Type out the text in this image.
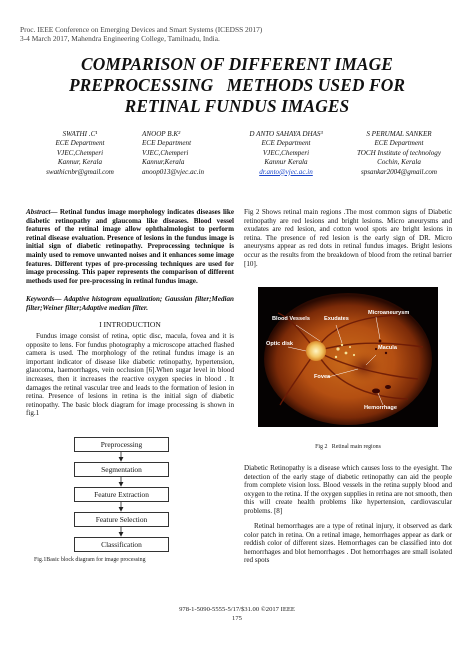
Proc. IEEE Conference on Emerging Devices and Smart Systems (ICEDSS 2017)
3-4 March 2017, Mahendra Engineering College, Tamilnadu, India.
COMPARISON OF DIFFERENT IMAGE
PREPROCESSING   METHODS USED FOR
RETINAL FUNDUS IMAGES
SWATHI .C¹
ECE Department
VJEC,Chemperi
Kannur, Kerala
swathicnbr@gmail.com
ANOOP B.K²
ECE Department
VJEC,Chemperi
Kannur,Kerala
anoop013@vjec.ac.in
D ANTO SAHAYA DHAS³
ECE Department
VJEC,Chemperi
Kannur Kerala
dr.anto@vjec.ac.in
S PERUMAL SANKER
ECE Department
TOCH Institute of technology
Cochin, Kerala
spsankar2004@gmail.com
Abstract— Retinal fundus image morphology indicates diseases like diabetic retinopathy and glaucoma like diseases. Blood vessel features of the retinal image allow ophthalmologist to perform retinal disease evaluation. Presence of lesions in the fundus image is initial sign of diabetic retinopathy. Preprocessing technique is mainly used to remove unwanted noises and it enhances some image features. Different types of pre-processing techniques are used for image processing. This paper represents the comparison of different methods used for pre-processing in retinal fundus image.
Keywords— Adaptive histogram equalization; Gaussian filter;Median filter;Weiner filter;Adaptive median filter.
I INTRODUCTION
Fundus image consist of retina, optic disc, macula, fovea and it is opposite to lens. For fundus photography a microscope attached flashed camera is used. The morphology of the retinal fundus image is an important indicator of disease like diabetic retinopathy, hypertension, glaucoma, haemorrhages, vein occlusion [6].When sugar level in blood increases, then it increases the reactive oxygen species in blood . It damages the retinal vascular tree and leads to the formation of lesion in retina. Presence of lesions in retina is the initial sign of diabetic retinopathy. The basic block diagram for image processing is shown in fig.1
Preprocessing
Segmentation
Feature Extraction
Feature Selection
Classification
Fig.1Basic block diagram for image processing
Fig 2 Shows retinal main regions .The most common signs of Diabetic retinopathy are red lesions and bright lesions. Micro aneurysms and exudates are red lesion, and cotton wool spots are bright lesions in retina. The presence of red lesion is the early sign of DR. Micro aneurysms appear as red dots in retinal fundus images. Bright lesions occur as the results from the breakdown of blood from the retinal barrier [10].
Blood Vessels	Exudates
Microaneurysm
Optic disk
Macula
Fovea
Hemorrhage
Fig 2   Retinal main regions
Diabetic Retinopathy is a disease which causes loss to the eyesight. The detection of the early stage of diabetic retinopathy can aid the people from complete vision loss. Blood vessels in the retina supply blood and oxygen to the retina. If the oxygen supplies in retina are not smooth, then this will create health problems like hypertension, cardiovascular problems. [8]
Retinal hemorrhages are a type of retinal injury, it observed as dark color patch in retina. On a retinal image, hemorrhages appear as dark or reddish color of different sizes. Hemorrhages can be classified into dot hemorrhages and blot hemorrhages . Dot hemorrhages are small isolated red spots
978-1-5090-5555-5/17/$31.00 ©2017 IEEE
175
